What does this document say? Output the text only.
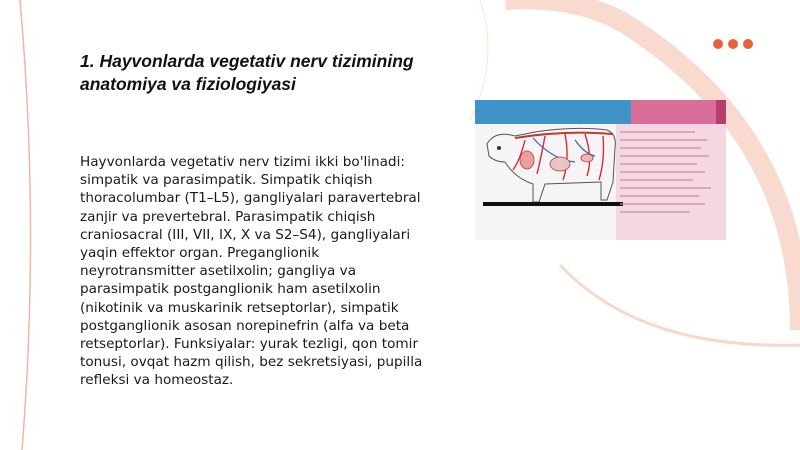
1. Hayvonlarda vegetativ nerv tizimining anatomiya va fiziologiyasi

Hayvonlarda vegetativ nerv tizimi ikki bo'linadi: simpatik va parasimpatik. Simpatik chiqish thoracolumbar (T1–L5), gangliyalari paravertebral zanjir va prevertebral. Parasimpatik chiqish craniosacral (III, VII, IX, X va S2–S4), gangliyalari yaqin effektor organ. Preganglionik neyrotransmitter asetilxolin; gangliya va parasimpatik postganglionik ham asetilxolin (nikotinik va muskarinik retseptorlar), simpatik postganglionik asosan norepinefrin (alfa va beta retseptorlar). Funksiyalar: yurak tezligi, qon tomir tonusi, ovqat hazm qilish, bez sekretsiyasi, pupilla refleksi va homeostaz.
